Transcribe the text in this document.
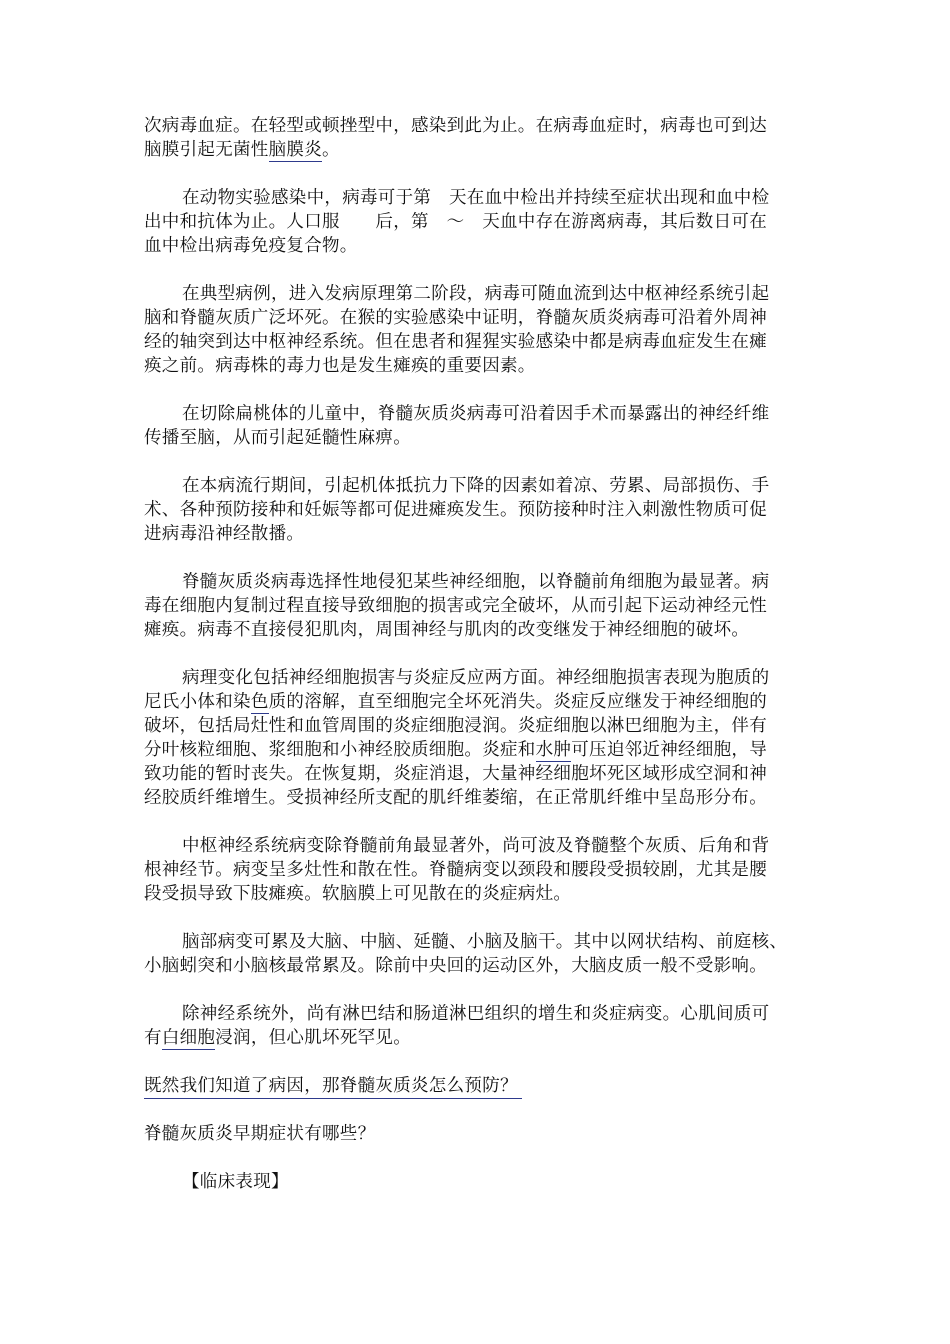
次病毒血症。在轻型或顿挫型中，感染到此为止。在病毒血症时，病毒也可到达
脑膜引起无菌性脑膜炎。

在动物实验感染中，病毒可于第　天在血中检出并持续至症状出现和血中检
出中和抗体为止。人口服　　后，第　～　天血中存在游离病毒，其后数日可在
血中检出病毒免疫复合物。

在典型病例，进入发病原理第二阶段，病毒可随血流到达中枢神经系统引起
脑和脊髓灰质广泛坏死。在猴的实验感染中证明，脊髓灰质炎病毒可沿着外周神
经的轴突到达中枢神经系统。但在患者和猩猩实验感染中都是病毒血症发生在瘫
痪之前。病毒株的毒力也是发生瘫痪的重要因素。

在切除扁桃体的儿童中，脊髓灰质炎病毒可沿着因手术而暴露出的神经纤维
传播至脑，从而引起延髓性麻痹。

在本病流行期间，引起机体抵抗力下降的因素如着凉、劳累、局部损伤、手
术、各种预防接种和妊娠等都可促进瘫痪发生。预防接种时注入刺激性物质可促
进病毒沿神经散播。

脊髓灰质炎病毒选择性地侵犯某些神经细胞，以脊髓前角细胞为最显著。病
毒在细胞内复制过程直接导致细胞的损害或完全破坏，从而引起下运动神经元性
瘫痪。病毒不直接侵犯肌肉，周围神经与肌肉的改变继发于神经细胞的破坏。

病理变化包括神经细胞损害与炎症反应两方面。神经细胞损害表现为胞质的
尼氏小体和染色质的溶解，直至细胞完全坏死消失。炎症反应继发于神经细胞的
破坏，包括局灶性和血管周围的炎症细胞浸润。炎症细胞以淋巴细胞为主，伴有
分叶核粒细胞、浆细胞和小神经胶质细胞。炎症和水肿可压迫邻近神经细胞，导
致功能的暂时丧失。在恢复期，炎症消退，大量神经细胞坏死区域形成空洞和神
经胶质纤维增生。受损神经所支配的肌纤维萎缩，在正常肌纤维中呈岛形分布。

中枢神经系统病变除脊髓前角最显著外，尚可波及脊髓整个灰质、后角和背
根神经节。病变呈多灶性和散在性。脊髓病变以颈段和腰段受损较剧，尤其是腰
段受损导致下肢瘫痪。软脑膜上可见散在的炎症病灶。

脑部病变可累及大脑、中脑、延髓、小脑及脑干。其中以网状结构、前庭核、
小脑蚓突和小脑核最常累及。除前中央回的运动区外，大脑皮质一般不受影响。

除神经系统外，尚有淋巴结和肠道淋巴组织的增生和炎症病变。心肌间质可
有白细胞浸润，但心肌坏死罕见。

既然我们知道了病因，那脊髓灰质炎怎么预防？

脊髓灰质炎早期症状有哪些？

【临床表现】
